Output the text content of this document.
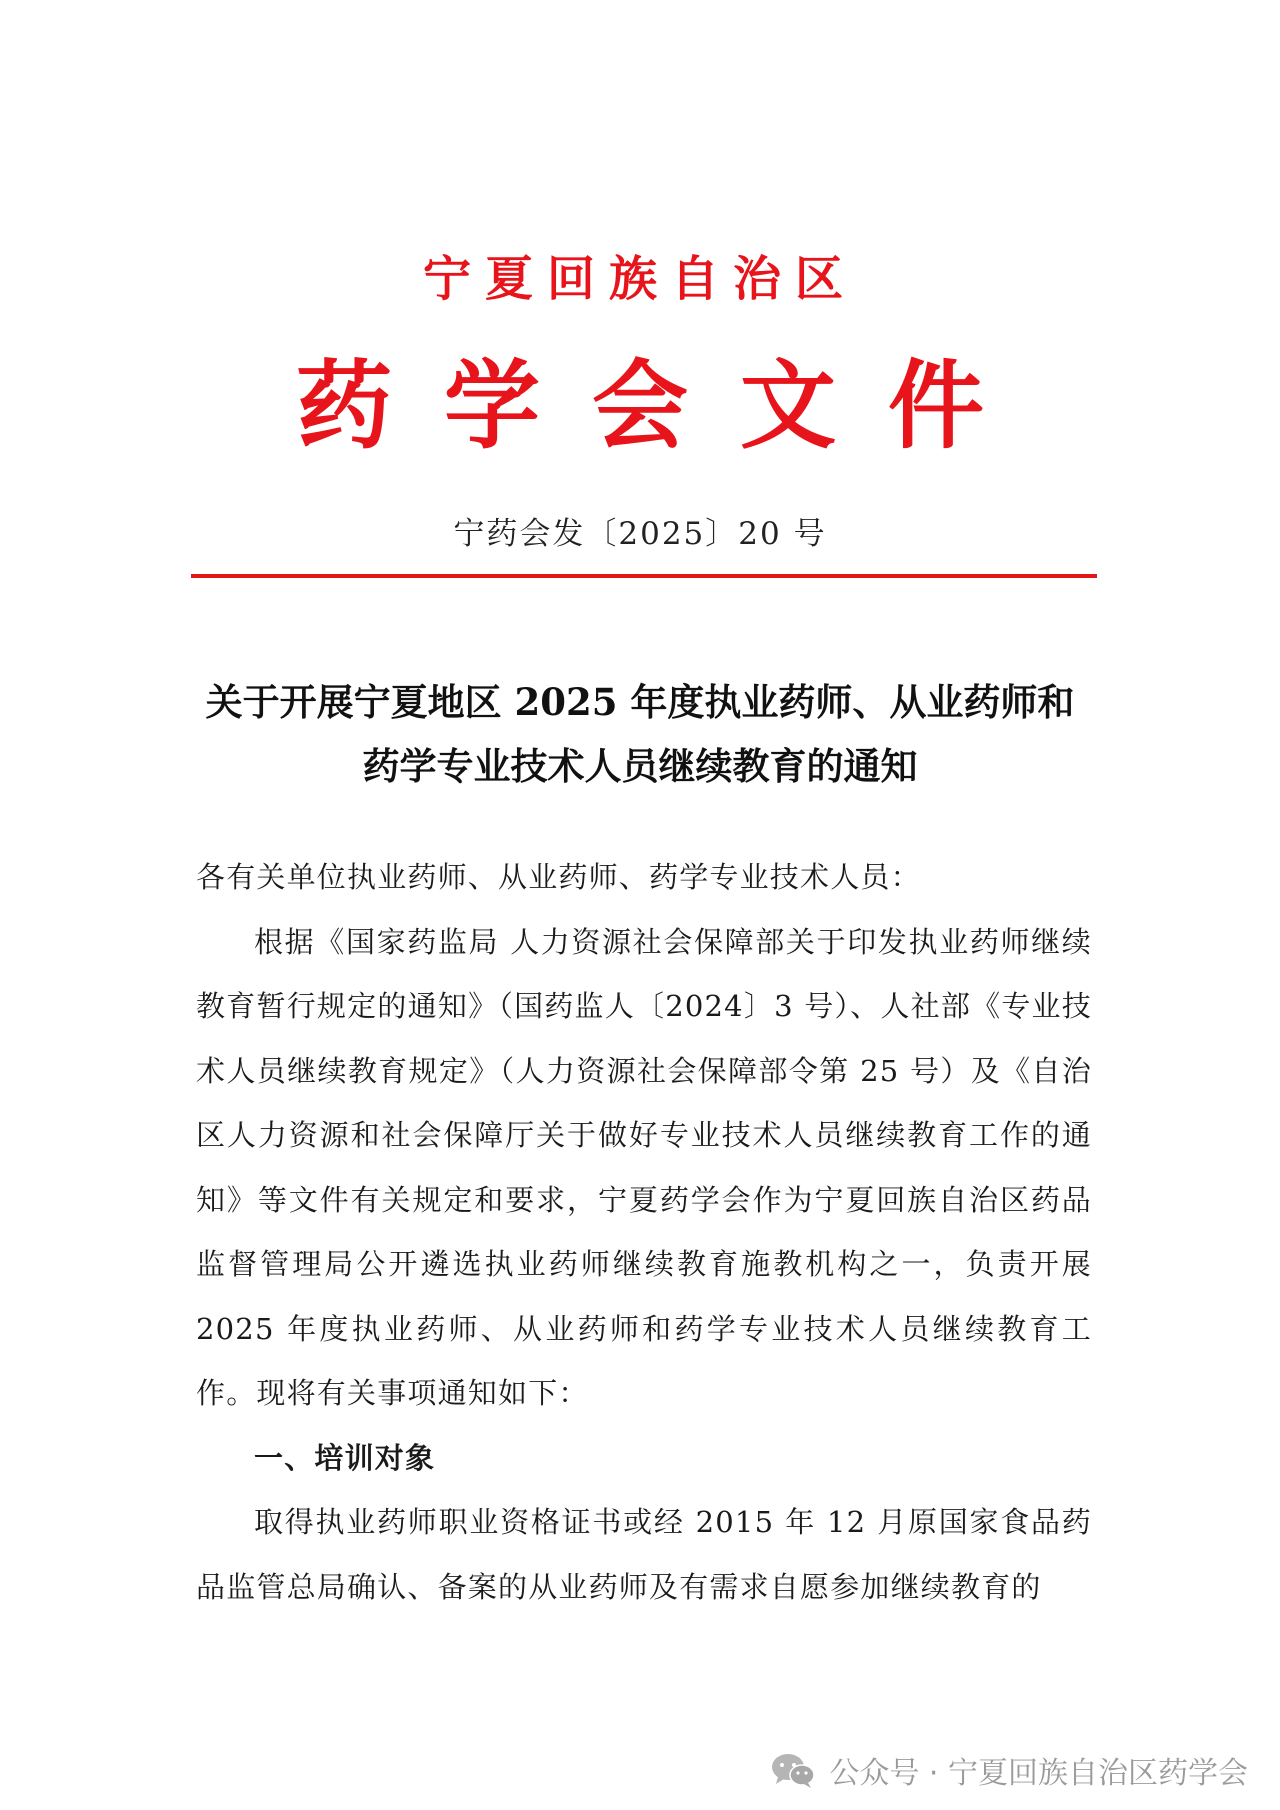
宁夏回族自治区
药学会文件
宁药会发〔2025〕20 号
关于开展宁夏地区 2025 年度执业药师、从业药师和
药学专业技术人员继续教育的通知

各有关单位执业药师、从业药师、药学专业技术人员：

根据《国家药监局 人力资源社会保障部关于印发执业药师继续教育暂行规定的通知》（国药监人〔2024〕3 号）、人社部《专业技术人员继续教育规定》（人力资源社会保障部令第 25 号）及《自治区人力资源和社会保障厅关于做好专业技术人员继续教育工作的通知》等文件有关规定和要求，宁夏药学会作为宁夏回族自治区药品监督管理局公开遴选执业药师继续教育施教机构之一，负责开展 2025 年度执业药师、从业药师和药学专业技术人员继续教育工作。现将有关事项通知如下：

一、培训对象

取得执业药师职业资格证书或经 2015 年 12 月原国家食品药品监管总局确认、备案的从业药师及有需求自愿参加继续教育的

公众号 · 宁夏回族自治区药学会
